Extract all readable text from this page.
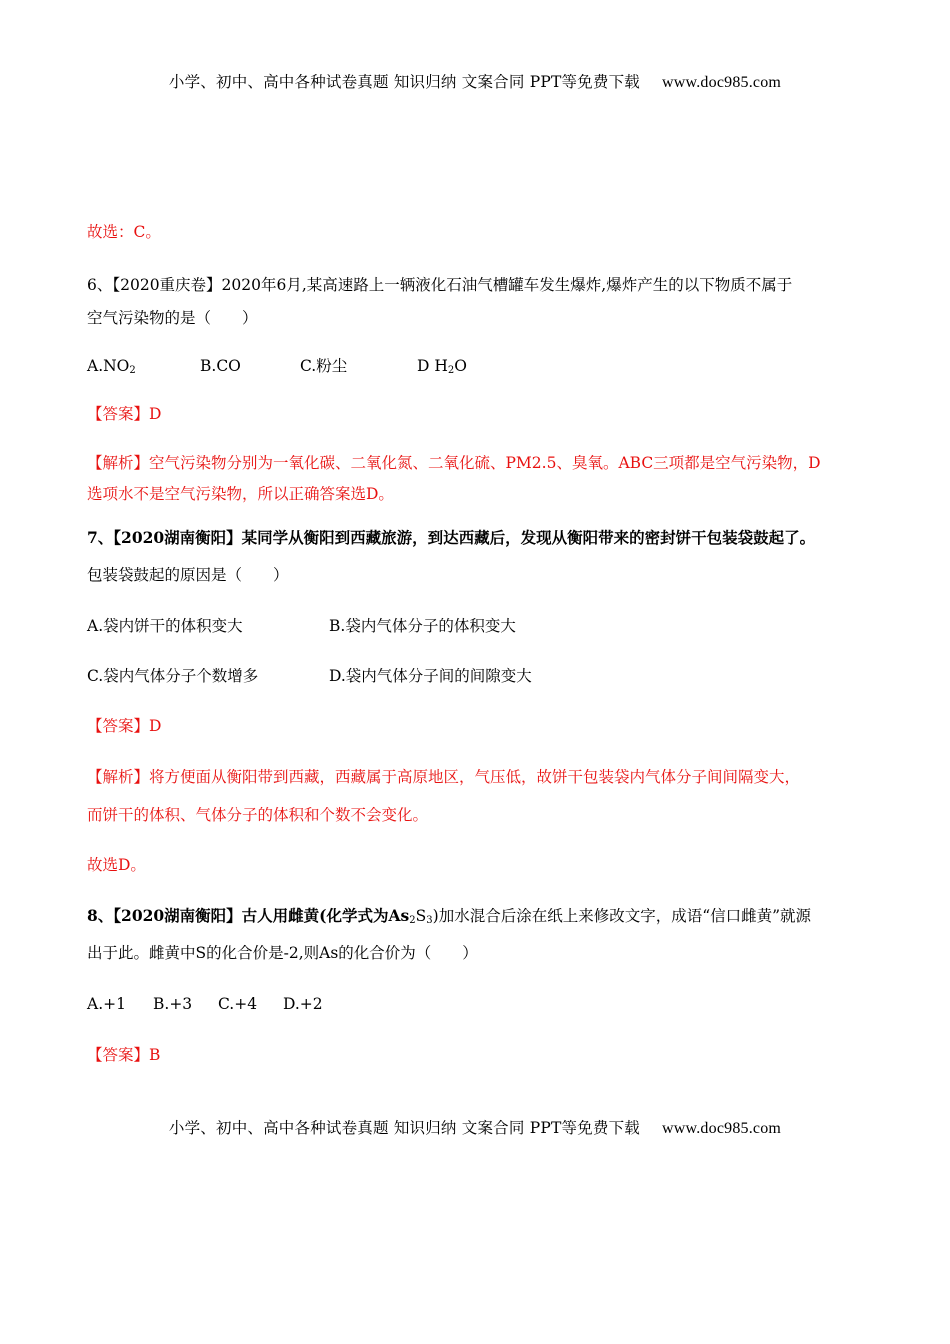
小学、初中、高中各种试卷真题 知识归纳 文案合同 PPT等免费下载 www.doc985.com
故选：C。
6、【2020重庆卷】2020年6月,某高速路上一辆液化石油气槽罐车发生爆炸,爆炸产生的以下物质不属于
空气污染物的是（　　）
$A.NO_2$	B.CO	C.粉尘	D $H_2O$
【答案】D
【解析】空气污染物分别为一氧化碳、二氧化氮、二氧化硫、PM2.5、臭氧。ABC三项都是空气污染物，D
选项水不是空气污染物，所以正确答案选D。
7、【2020湖南衡阳】某同学从衡阳到西藏旅游，到达西藏后，发现从衡阳带来的密封饼干包装袋鼓起了。
包装袋鼓起的原因是（　　）
A.袋内饼干的体积变大	B.袋内气体分子的体积变大
C.袋内气体分子个数增多	D.袋内气体分子间的间隙变大
【答案】D
【解析】将方便面从衡阳带到西藏，西藏属于高原地区，气压低，故饼干包装袋内气体分子间间隔变大，
而饼干的体积、气体分子的体积和个数不会变化。
故选D。
8、【2020湖南衡阳】古人用雌黄(化学式为$As_2S_3$)加水混合后涂在纸上来修改文字，成语“信口雌黄”就源
出于此。雌黄中S的化合价是-2,则As的化合价为（　　）
A.+1 B.+3 C.+4 D.+2
【答案】B
小学、初中、高中各种试卷真题 知识归纳 文案合同 PPT等免费下载 www.doc985.com
